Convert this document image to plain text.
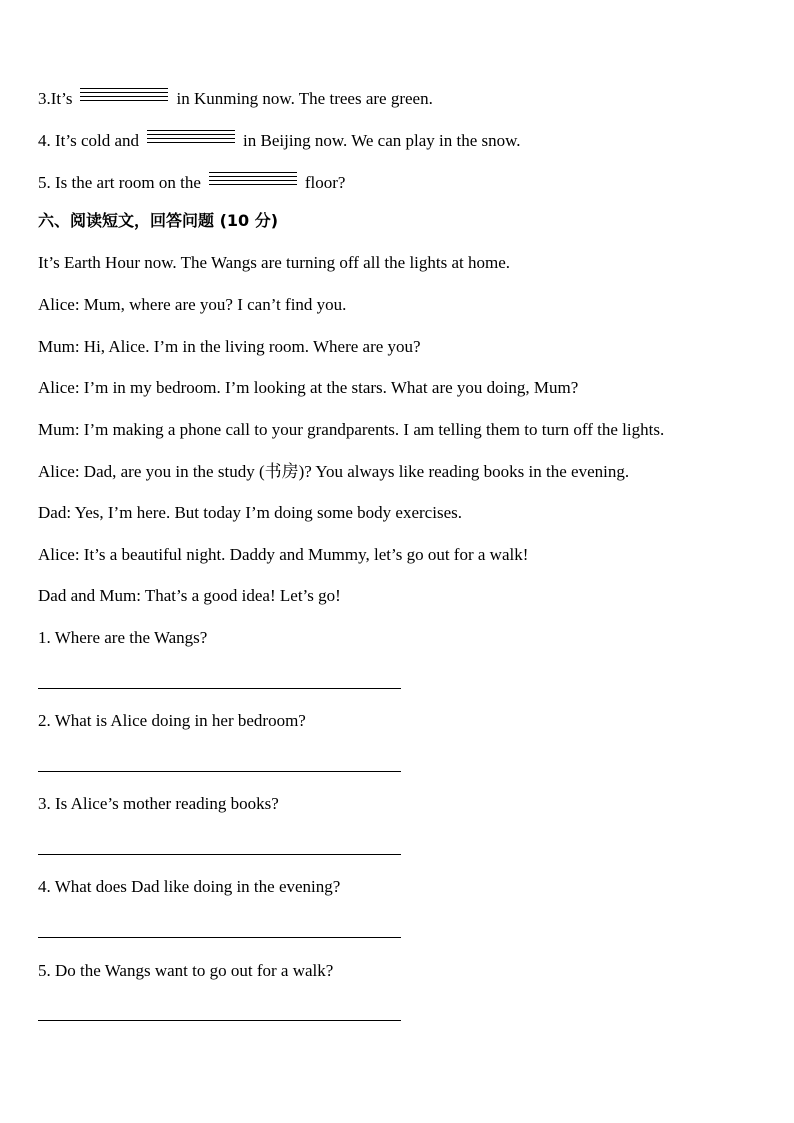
3.It’s	in Kunming now. The trees are green.
4. It’s cold and	in Beijing now. We can play in the snow.
5. Is the art room on the	floor?
六、阅读短文，回答问题 (10 分)
It’s Earth Hour now. The Wangs are turning off all the lights at home.
Alice: Mum, where are you? I can’t find you.
Mum: Hi, Alice. I’m in the living room. Where are you?
Alice: I’m in my bedroom. I’m looking at the stars. What are you doing, Mum?
Mum: I’m making a phone call to your grandparents. I am telling them to turn off the lights.
Alice: Dad, are you in the study (书房)? You always like reading books in the evening.
Dad: Yes, I’m here. But today I’m doing some body exercises.
Alice: It’s a beautiful night. Daddy and Mummy, let’s go out for a walk!
Dad and Mum: That’s a good idea! Let’s go!
1. Where are the Wangs?
2. What is Alice doing in her bedroom?
3. Is Alice’s mother reading books?
4. What does Dad like doing in the evening?
5. Do the Wangs want to go out for a walk?
